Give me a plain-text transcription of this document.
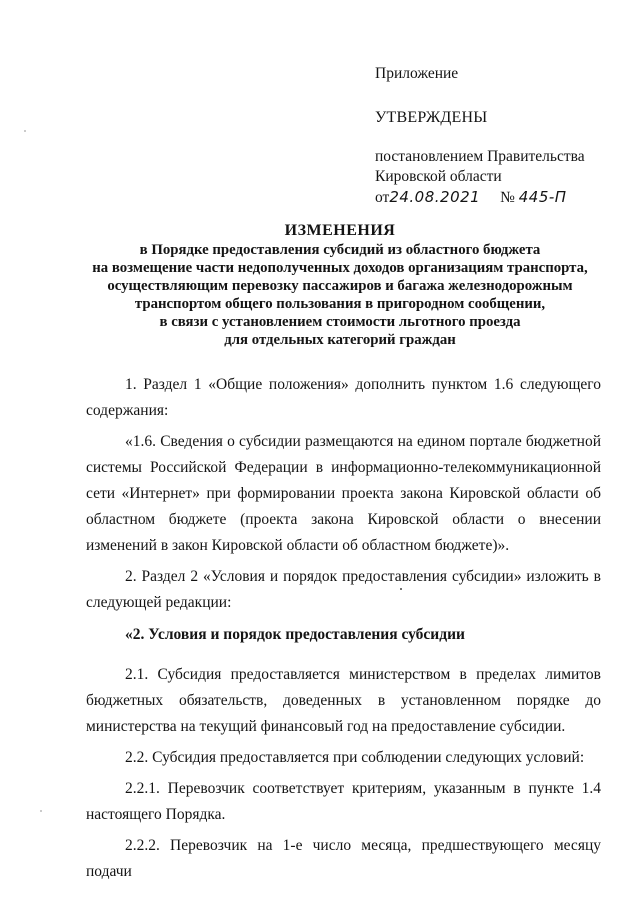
Приложение
УТВЕРЖДЕНЫ
постановлением Правительства
Кировской области
от24.08.2021 № 445-П
ИЗМЕНЕНИЯ
в Порядке предоставления субсидий из областного бюджета
на возмещение части недополученных доходов организациям транспорта,
осуществляющим перевозку пассажиров и багажа железнодорожным
транспортом общего пользования в пригородном сообщении,
в связи с установлением стоимости льготного проезда
для отдельных категорий граждан

1. Раздел 1 «Общие положения» дополнить пунктом 1.6 следующего содержания:

«1.6. Сведения о субсидии размещаются на едином портале бюджетной системы Российской Федерации в информационно-телекоммуникационной сети «Интернет» при формировании проекта закона Кировской области об областном бюджете (проекта закона Кировской области о внесении изменений в закон Кировской области об областном бюджете)».

2. Раздел 2 «Условия и порядок предоставления субсидии» изложить в следующей редакции:

«2. Условия и порядок предоставления субсидии

2.1. Субсидия предоставляется министерством в пределах лимитов бюджетных обязательств, доведенных в установленном порядке до министерства на текущий финансовый год на предоставление субсидии.

2.2. Субсидия предоставляется при соблюдении следующих условий:

2.2.1. Перевозчик соответствует критериям, указанным в пункте 1.4 настоящего Порядка.

2.2.2. Перевозчик на 1-е число месяца, предшествующего месяцу подачи
